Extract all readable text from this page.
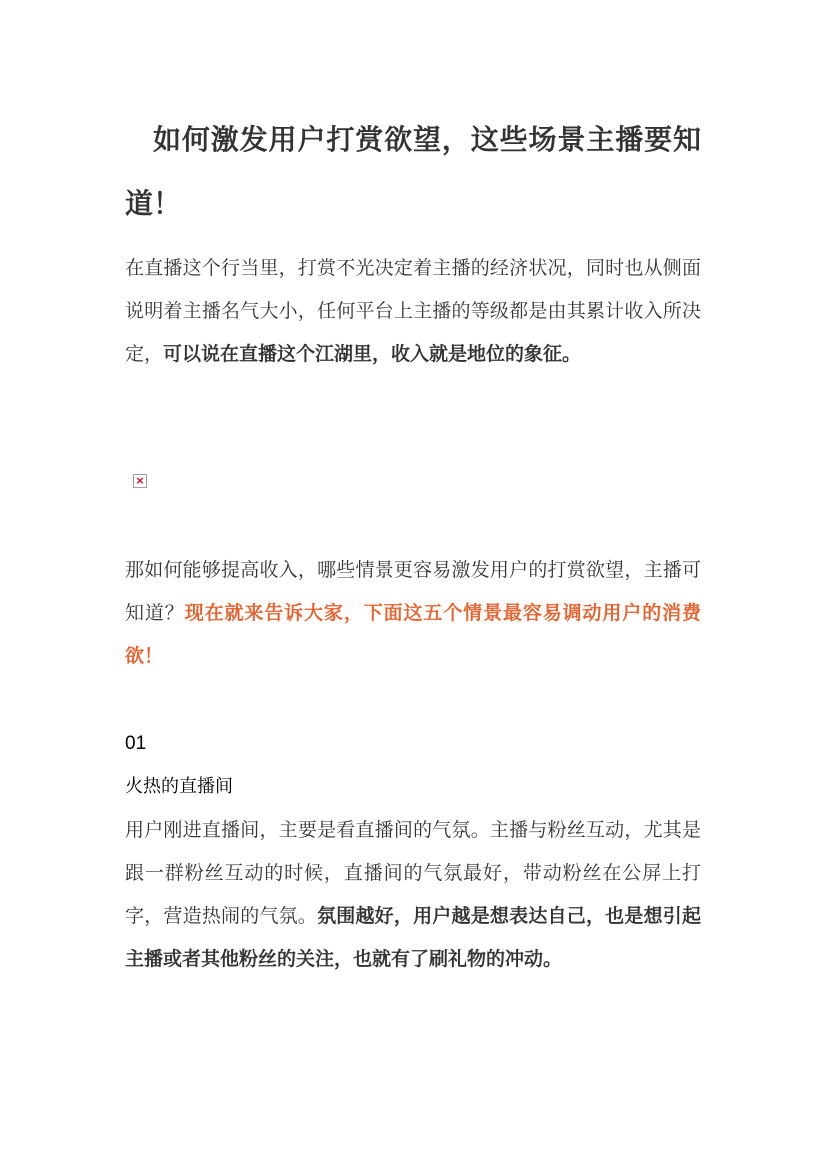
如何激发用户打赏欲望，这些场景主播要知道！

在直播这个行当里，打赏不光决定着主播的经济状况，同时也从侧面说明着主播名气大小，任何平台上主播的等级都是由其累计收入所决定，可以说在直播这个江湖里，收入就是地位的象征。

×

那如何能够提高收入，哪些情景更容易激发用户的打赏欲望，主播可知道？现在就来告诉大家，下面这五个情景最容易调动用户的消费欲！

01
火热的直播间

用户刚进直播间，主要是看直播间的气氛。主播与粉丝互动，尤其是跟一群粉丝互动的时候，直播间的气氛最好，带动粉丝在公屏上打字，营造热闹的气氛。氛围越好，用户越是想表达自己，也是想引起主播或者其他粉丝的关注，也就有了刷礼物的冲动。
